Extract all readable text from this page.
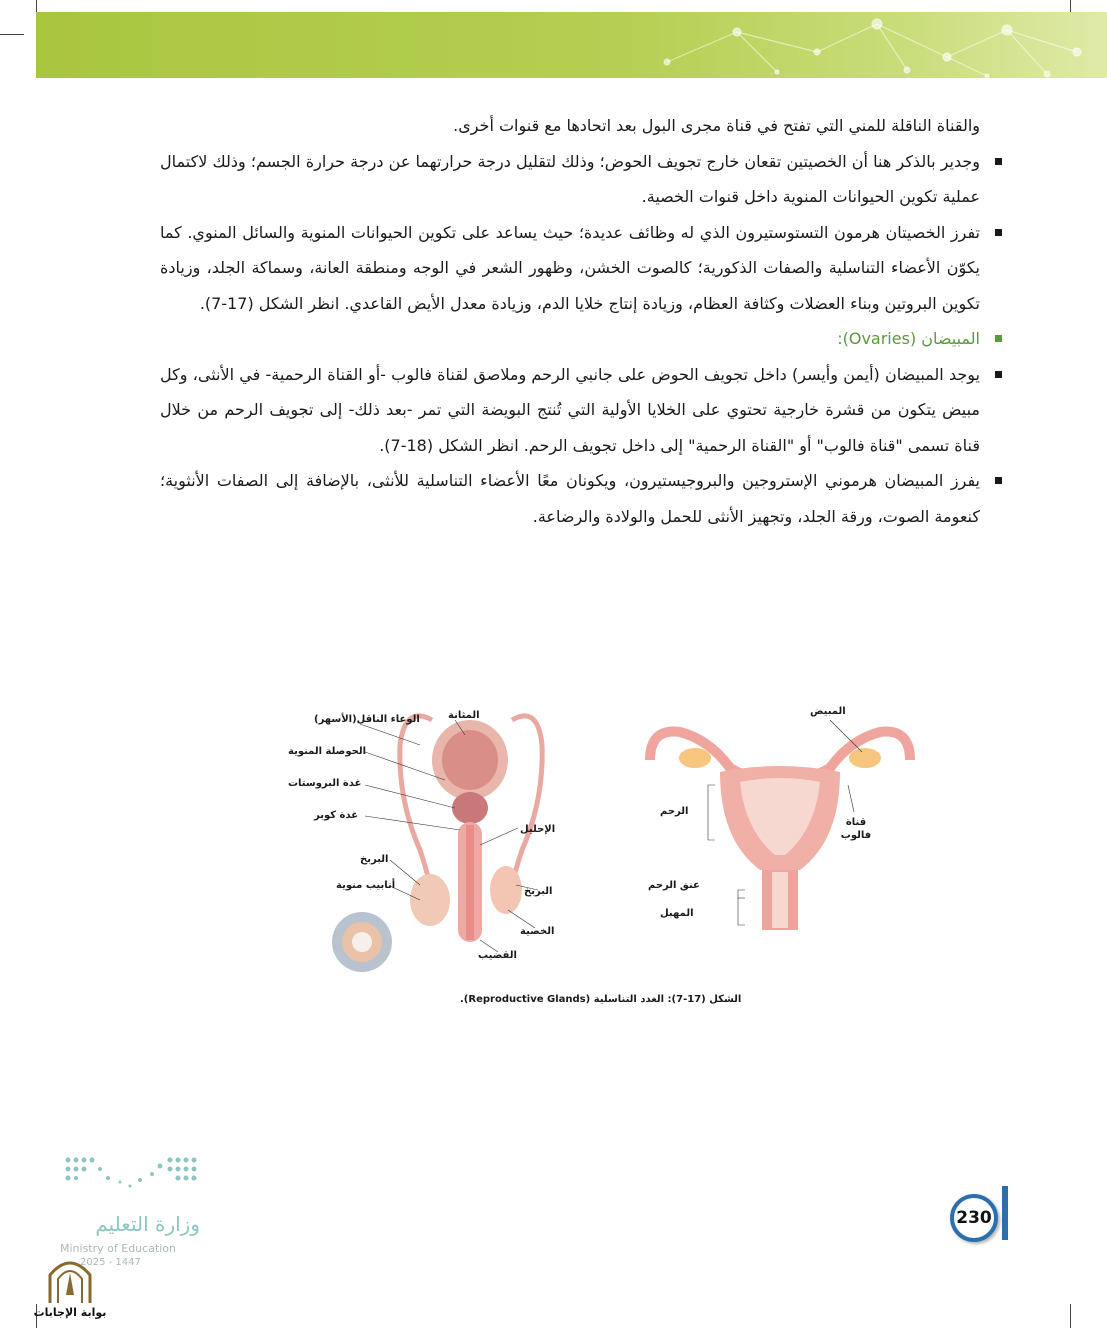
والقناة الناقلة للمني التي تفتح في قناة مجرى البول بعد اتحادها مع قنوات أخرى.

وجدير بالذكر هنا أن الخصيتين تقعان خارج تجويف الحوض؛ وذلك لتقليل درجة حرارتهما عن درجة حرارة الجسم؛ وذلك لاكتمال عملية تكوين الحيوانات المنوية داخل قنوات الخصية.

تفرز الخصيتان هرمون التستوستيرون الذي له وظائف عديدة؛ حيث يساعد على تكوين الحيوانات المنوية والسائل المنوي. كما يكوّن الأعضاء التناسلية والصفات الذكورية؛ كالصوت الخشن، وظهور الشعر في الوجه ومنطقة العانة، وسماكة الجلد، وزيادة تكوين البروتين وبناء العضلات وكثافة العظام، وزيادة إنتاج خلايا الدم، وزيادة معدل الأيض القاعدي. انظر الشكل (17-7).

المبيضان (Ovaries):

يوجد المبيضان (أيمن وأيسر) داخل تجويف الحوض على جانبي الرحم وملاصق لقناة فالوب -أو القناة الرحمية- في الأنثى، وكل مبيض يتكون من قشرة خارجية تحتوي على الخلايا الأولية التي تُنتج البويضة التي تمر -بعد ذلك- إلى تجويف الرحم من خلال قناة تسمى "قناة فالوب" أو "القناة الرحمية" إلى داخل تجويف الرحم. انظر الشكل (18-7).

يفرز المبيضان هرموني الإستروجين والبروجيستيرون، ويكونان معًا الأعضاء التناسلية للأنثى، بالإضافة إلى الصفات الأنثوية؛ كنعومة الصوت، ورقة الجلد، وتجهيز الأنثى للحمل والولادة والرضاعة.

الوعاء الناقل(الأسهر)	المثانة
الحوصلة المنوية
غدة البروستات
غدة كوبر
الإحليل
البربخ
أنابيب منوية
البربخ
الخصية
القضيب
المبيض
الرحم
قناة فالوب
عنق الرحم
المهبل
الشكل (17-7): الغدد التناسلية (Reproductive Glands).
وزارة التعليم
Ministry of Education
2025 - 1447
بوابة الإجابات
230
